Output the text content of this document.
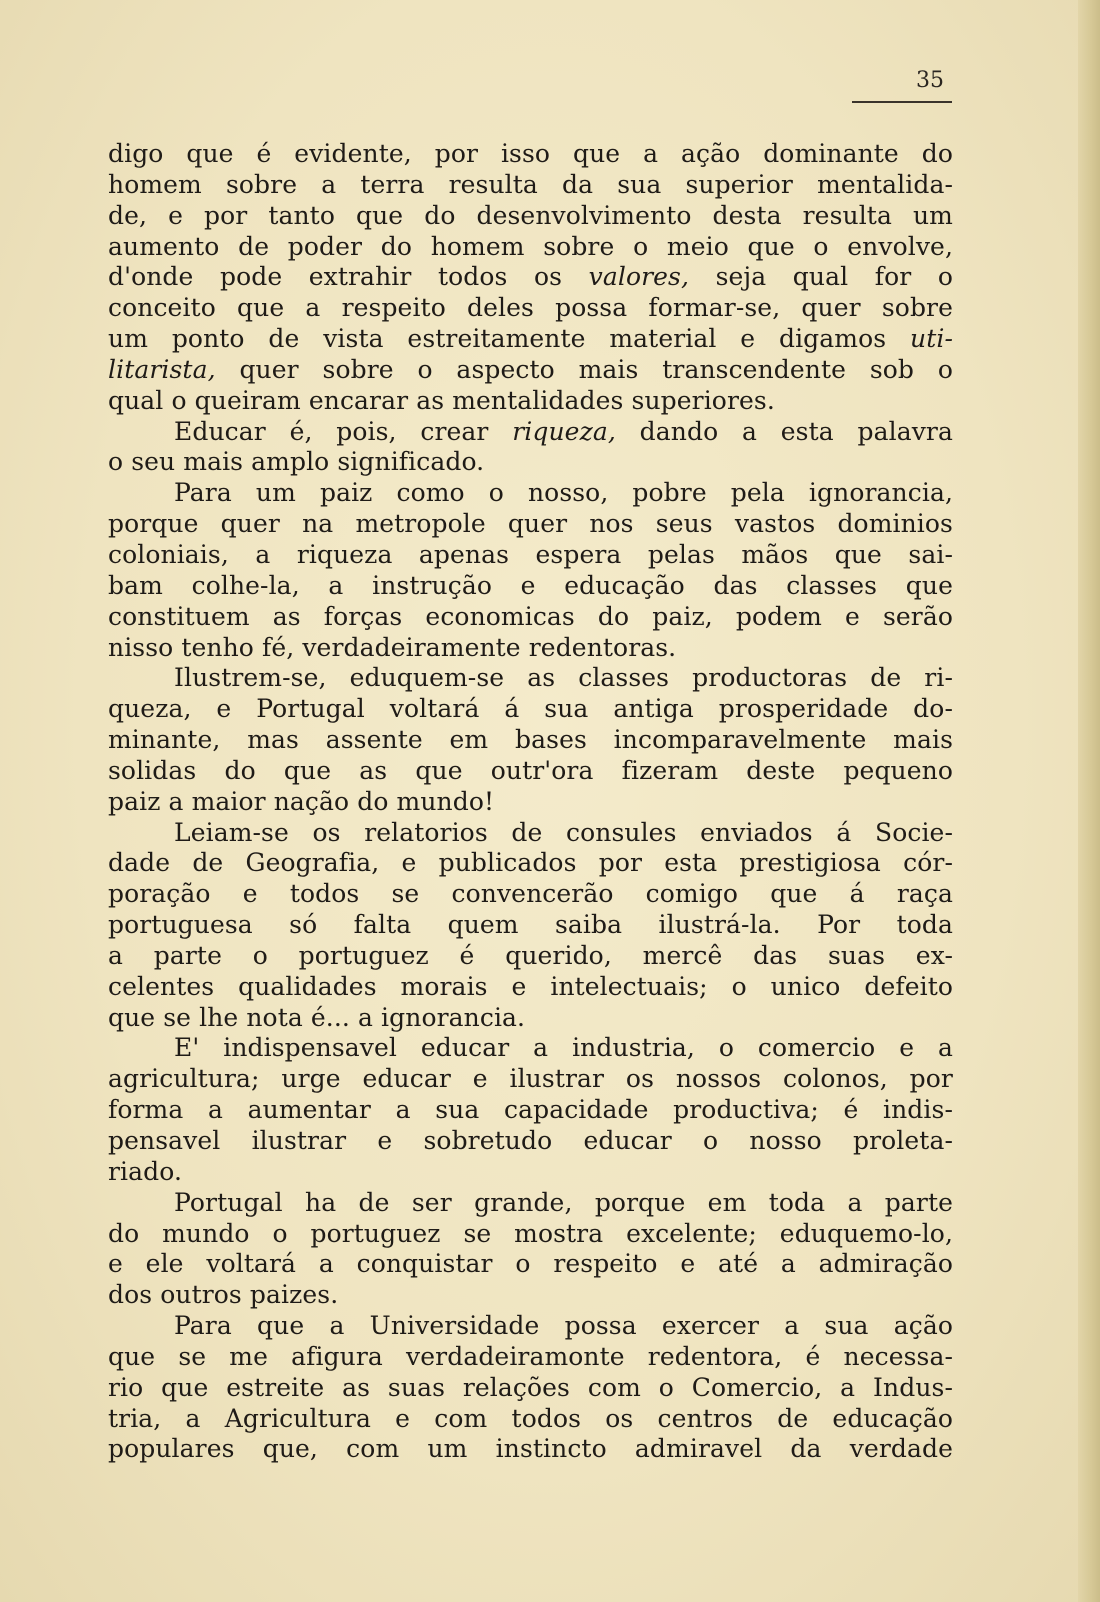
35
digo que é evidente, por isso que a ação dominante do
homem sobre a terra resulta da sua superior mentalida-
de, e por tanto que do desenvolvimento desta resulta um
aumento de poder do homem sobre o meio que o envolve,
d'onde pode extrahir todos os valores, seja qual for o
conceito que a respeito deles possa formar-se, quer sobre
um ponto de vista estreitamente material e digamos uti-
litarista, quer sobre o aspecto mais transcendente sob o
qual o queiram encarar as mentalidades superiores.
Educar é, pois, crear riqueza, dando a esta palavra
o seu mais amplo significado.
Para um paiz como o nosso, pobre pela ignorancia,
porque quer na metropole quer nos seus vastos dominios
coloniais, a riqueza apenas espera pelas mãos que sai-
bam colhe-la, a instrução e educação das classes que
constituem as forças economicas do paiz, podem e serão
nisso tenho fé, verdadeiramente redentoras.
Ilustrem-se, eduquem-se as classes productoras de ri-
queza, e Portugal voltará á sua antiga prosperidade do-
minante, mas assente em bases incomparavelmente mais
solidas do que as que outr'ora fizeram deste pequeno
paiz a maior nação do mundo!
Leiam-se os relatorios de consules enviados á Socie-
dade de Geografia, e publicados por esta prestigiosa cór-
poração e todos se convencerão comigo que á raça
portuguesa só falta quem saiba ilustrá-la. Por toda
a parte o portuguez é querido, mercê das suas ex-
celentes qualidades morais e intelectuais; o unico defeito
que se lhe nota é... a ignorancia.
E' indispensavel educar a industria, o comercio e a
agricultura; urge educar e ilustrar os nossos colonos, por
forma a aumentar a sua capacidade productiva; é indis-
pensavel ilustrar e sobretudo educar o nosso proleta-
riado.
Portugal ha de ser grande, porque em toda a parte
do mundo o portuguez se mostra excelente; eduquemo-lo,
e ele voltará a conquistar o respeito e até a admiração
dos outros paizes.
Para que a Universidade possa exercer a sua ação
que se me afigura verdadeiramonte redentora, é necessa-
rio que estreite as suas relações com o Comercio, a Indus-
tria, a Agricultura e com todos os centros de educação
populares que, com um instincto admiravel da verdade
